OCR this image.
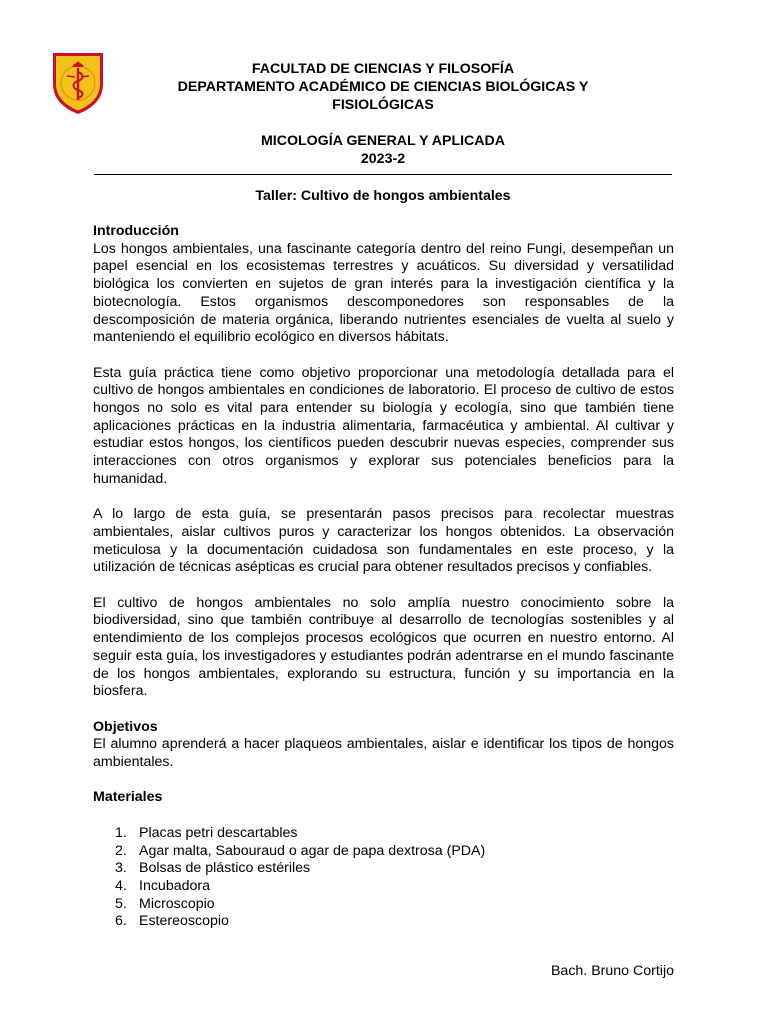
FACULTAD DE CIENCIAS Y FILOSOFÍA
DEPARTAMENTO ACADÉMICO DE CIENCIAS BIOLÓGICAS Y
FISIOLÓGICAS
MICOLOGÍA GENERAL Y APLICADA
2023-2
Taller: Cultivo de hongos ambientales

Introducción

Los hongos ambientales, una fascinante categoría dentro del reino Fungi, desempeñan un papel esencial en los ecosistemas terrestres y acuáticos. Su diversidad y versatilidad biológica los convierten en sujetos de gran interés para la investigación científica y la biotecnología. Estos organismos descomponedores son responsables de la descomposición de materia orgánica, liberando nutrientes esenciales de vuelta al suelo y manteniendo el equilibrio ecológico en diversos hábitats.

Esta guía práctica tiene como objetivo proporcionar una metodología detallada para el cultivo de hongos ambientales en condiciones de laboratorio. El proceso de cultivo de estos hongos no solo es vital para entender su biología y ecología, sino que también tiene aplicaciones prácticas en la industria alimentaria, farmacéutica y ambiental. Al cultivar y estudiar estos hongos, los científicos pueden descubrir nuevas especies, comprender sus interacciones con otros organismos y explorar sus potenciales beneficios para la humanidad.

A lo largo de esta guía, se presentarán pasos precisos para recolectar muestras ambientales, aislar cultivos puros y caracterizar los hongos obtenidos. La observación meticulosa y la documentación cuidadosa son fundamentales en este proceso, y la utilización de técnicas asépticas es crucial para obtener resultados precisos y confiables.

El cultivo de hongos ambientales no solo amplía nuestro conocimiento sobre la biodiversidad, sino que también contribuye al desarrollo de tecnologías sostenibles y al entendimiento de los complejos procesos ecológicos que ocurren en nuestro entorno. Al seguir esta guía, los investigadores y estudiantes podrán adentrarse en el mundo fascinante de los hongos ambientales, explorando su estructura, función y su importancia en la biosfera.

Objetivos

El alumno aprenderá a hacer plaqueos ambientales, aislar e identificar los tipos de hongos ambientales.

Materiales

1. Placas petri descartables
2. Agar malta, Sabouraud o agar de papa dextrosa (PDA)
3. Bolsas de plástico estériles
4. Incubadora
5. Microscopio
6. Estereoscopio
Bach. Bruno Cortijo
